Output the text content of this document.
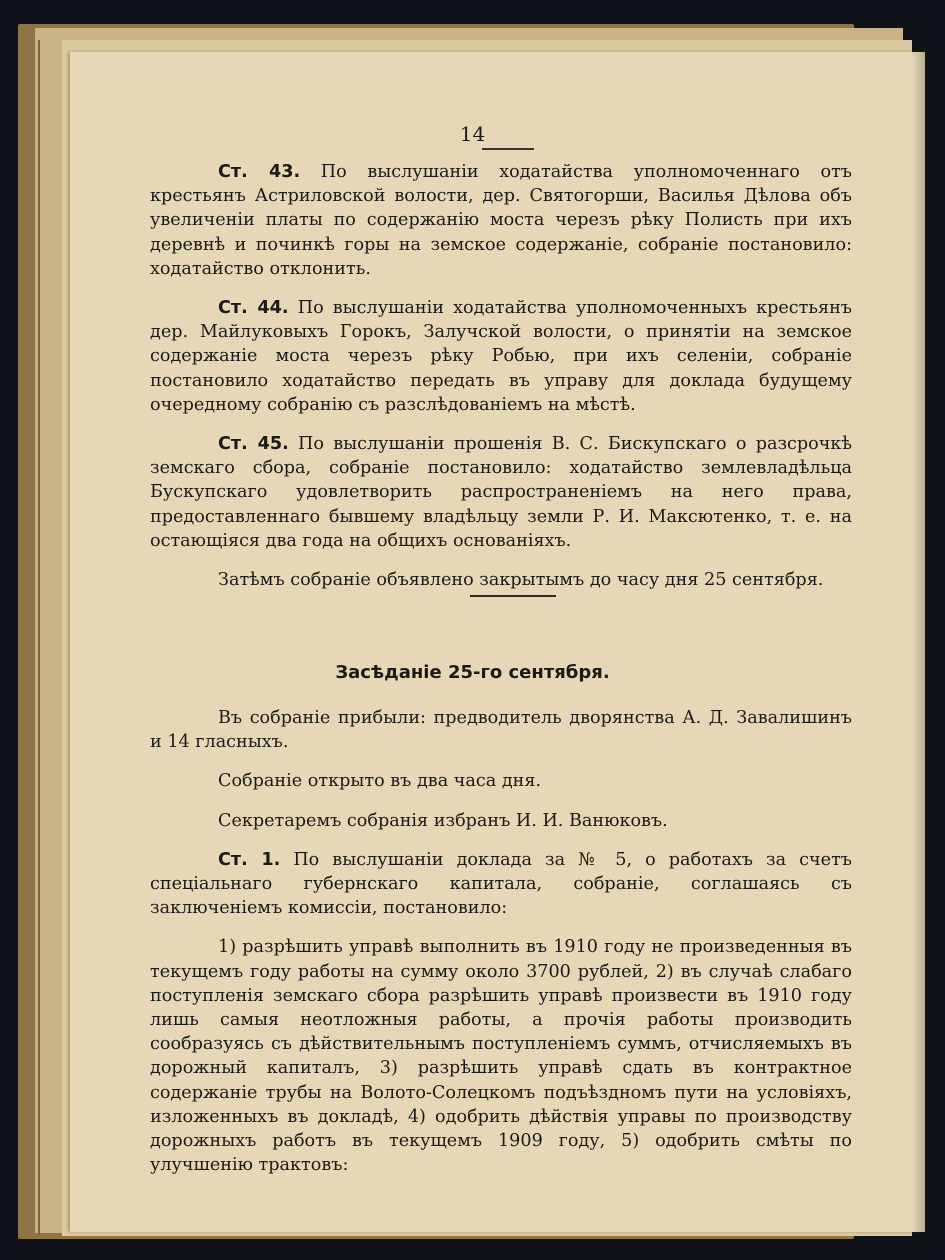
14

Ст. 43. По выслушаніи ходатайства уполномоченнаго отъ крестьянъ Астриловской волости, дер. Святогорши, Василья Дѣлова объ увеличеніи платы по содержанію моста черезъ рѣку Полисть при ихъ деревнѣ и починкѣ горы на земское содержаніе, собраніе постановило: ходатайство отклонить.

Ст. 44. По выслушаніи ходатайства уполномоченныхъ крестьянъ дер. Майлуковыхъ Горокъ, Залучской волости, о принятіи на земское содержаніе моста черезъ рѣку Робью, при ихъ селеніи, собраніе постановило ходатайство передать въ управу для доклада будущему очередному собранію съ разслѣдованіемъ на мѣстѣ.

Ст. 45. По выслушаніи прошенія В. С. Бискупскаго о разсрочкѣ земскаго сбора, собраніе постановило: ходатайство землевладѣльца Бускупскаго удовлетворить распространеніемъ на него права, предоставленнаго бывшему владѣльцу земли Р. И. Максютенко, т. е. на остающіяся два года на общихъ основаніяхъ.

Затѣмъ собраніе объявлено закрытымъ до часу дня 25 сентября.

Засѣданіе 25-го сентября.

Въ собраніе прибыли: предводитель дворянства А. Д. Завалишинъ и 14 гласныхъ.

Собраніе открыто въ два часа дня.

Секретаремъ собранія избранъ И. И. Ванюковъ.

Ст. 1. По выслушаніи доклада за № 5, о работахъ за счетъ спеціальнаго губернскаго капитала, собраніе, соглашаясь съ заключеніемъ комиссіи, постановило:

1) разрѣшить управѣ выполнить въ 1910 году не произведенныя въ текущемъ году работы на сумму около 3700 рублей, 2) въ случаѣ слабаго поступленія земскаго сбора разрѣшить управѣ произвести въ 1910 году лишь самыя неотложныя работы, а прочія работы производить сообразуясь съ дѣйствительнымъ поступленіемъ суммъ, отчисляемыхъ въ дорожный капиталъ, 3) разрѣшить управѣ сдать въ контрактное содержаніе трубы на Волото-Солецкомъ подъѣздномъ пути на условіяхъ, изложенныхъ въ докладѣ, 4) одобрить дѣйствія управы по производству дорожныхъ работъ въ текущемъ 1909 году, 5) одобрить смѣты по улучшенію трактовъ:
